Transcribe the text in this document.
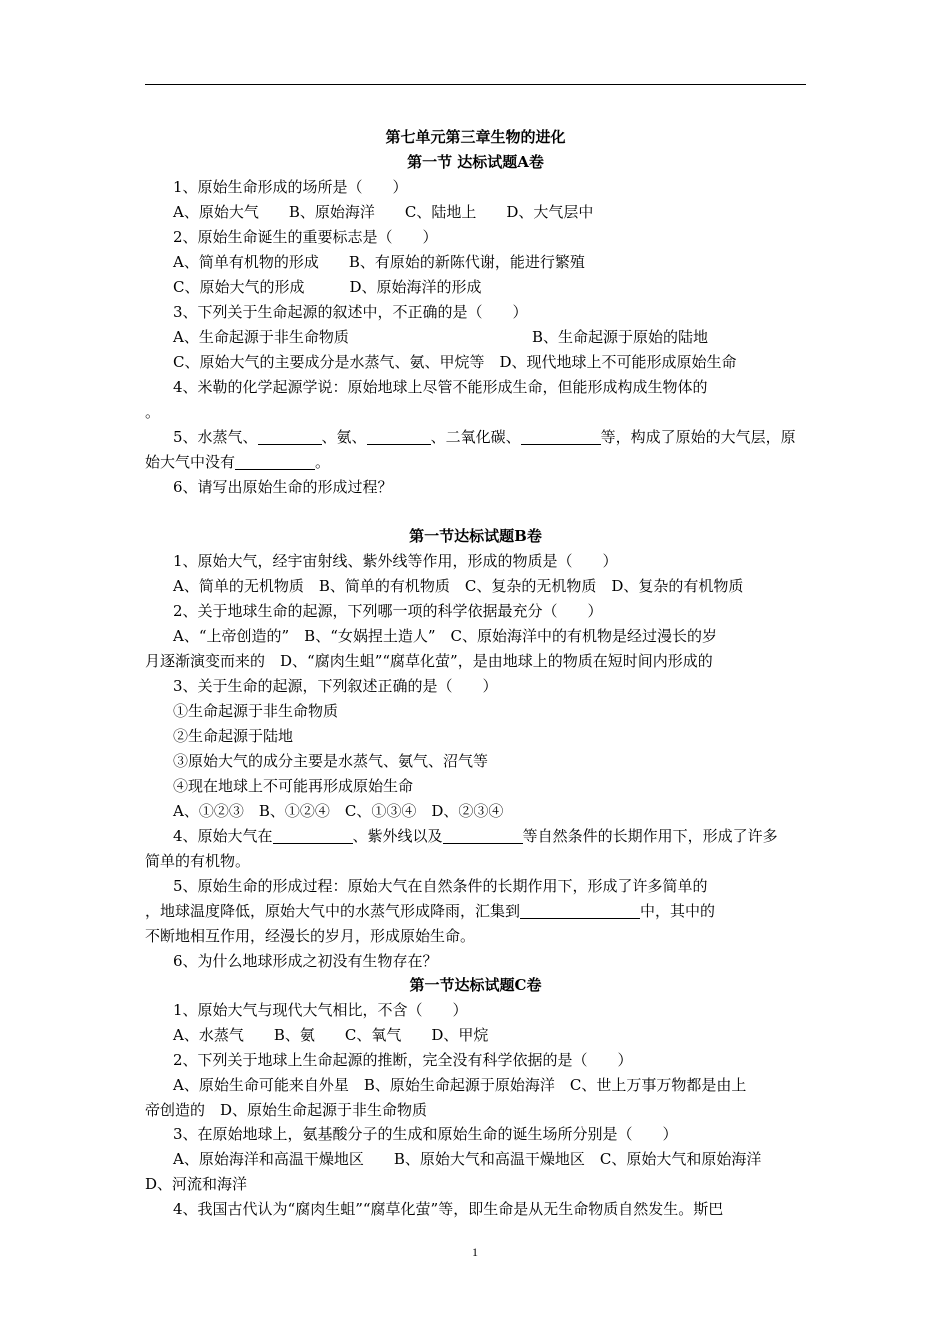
第七单元第三章生物的进化
第一节 达标试题A卷
1、原始生命形成的场所是（　　）
A、原始大气　　B、原始海洋　　C、陆地上　　D、大气层中
2、原始生命诞生的重要标志是（　　）
A、简单有机物的形成　　B、有原始的新陈代谢，能进行繁殖
C、原始大气的形成　　　D、原始海洋的形成
3、下列关于生命起源的叙述中，不正确的是（　　）
A、生命起源于非生命物质	B、生命起源于原始的陆地
C、原始大气的主要成分是水蒸气、氨、甲烷等　D、现代地球上不可能形成原始生命
4、米勒的化学起源学说：原始地球上尽管不能形成生命，但能形成构成生物体的
。
5、水蒸气、	、氨、	、二氧化碳、	等，构成了原始的大气层，原
始大气中没有	。
6、请写出原始生命的形成过程？
第一节达标试题B卷
1、原始大气，经宇宙射线、紫外线等作用，形成的物质是（　　）
A、简单的无机物质　B、简单的有机物质　C、复杂的无机物质　D、复杂的有机物质
2、关于地球生命的起源，下列哪一项的科学依据最充分（　　）
A、“上帝创造的”　B、“女娲捏土造人”　C、原始海洋中的有机物是经过漫长的岁
月逐渐演变而来的　D、“腐肉生蛆”“腐草化萤”，是由地球上的物质在短时间内形成的
3、关于生命的起源，下列叙述正确的是（　　）
①生命起源于非生命物质
②生命起源于陆地
③原始大气的成分主要是水蒸气、氨气、沼气等
④现在地球上不可能再形成原始生命
A、①②③　B、①②④　C、①③④　D、②③④
4、原始大气在	、紫外线以及	等自然条件的长期作用下，形成了许多
简单的有机物。
5、原始生命的形成过程：原始大气在自然条件的长期作用下，形成了许多简单的
，地球温度降低，原始大气中的水蒸气形成降雨，汇集到	中，其中的
不断地相互作用，经漫长的岁月，形成原始生命。
6、为什么地球形成之初没有生物存在？
第一节达标试题C卷
1、原始大气与现代大气相比，不含（　　）
A、水蒸气　　B、氨　　C、氧气　　D、甲烷
2、下列关于地球上生命起源的推断，完全没有科学依据的是（　　）
A、原始生命可能来自外星　B、原始生命起源于原始海洋　C、世上万事万物都是由上
帝创造的　D、原始生命起源于非生命物质
3、在原始地球上，氨基酸分子的生成和原始生命的诞生场所分别是（　　）
A、原始海洋和高温干燥地区　　B、原始大气和高温干燥地区　C、原始大气和原始海洋
D、河流和海洋
4、我国古代认为“腐肉生蛆”“腐草化萤”等，即生命是从无生命物质自然发生。斯巴
1
